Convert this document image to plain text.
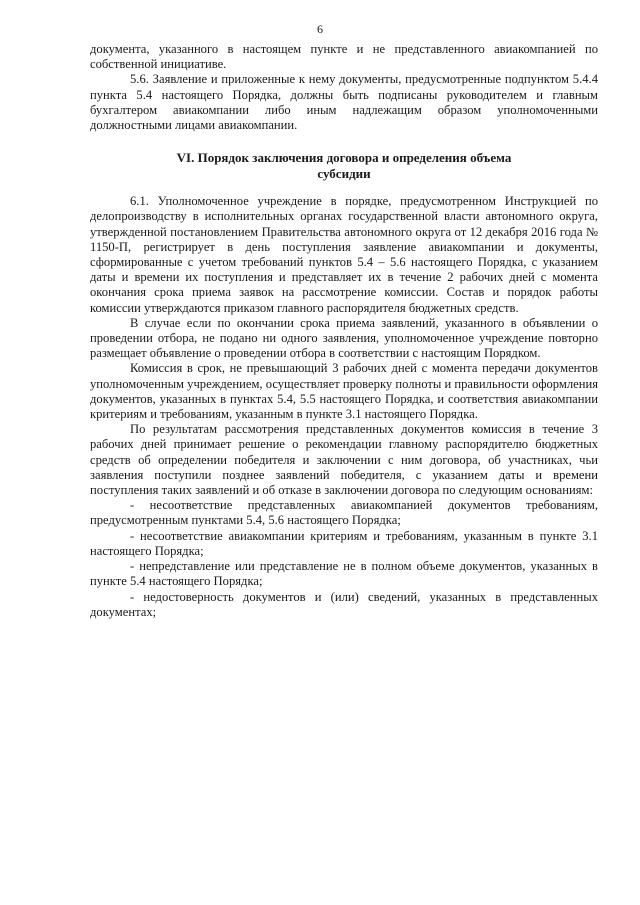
6

документа, указанного в настоящем пункте и не представленного авиакомпанией по собственной инициативе.

5.6. Заявление и приложенные к нему документы, предусмотренные подпунктом 5.4.4 пункта 5.4 настоящего Порядка, должны быть подписаны руководителем и главным бухгалтером авиакомпании либо иным надлежащим образом уполномоченными должностными лицами авиакомпании.

VI. Порядок заключения договора и определения объема
субсидии

6.1. Уполномоченное учреждение в порядке, предусмотренном Инструкцией по делопроизводству в исполнительных органах государственной власти автономного округа, утвержденной постановлением Правительства автономного округа от 12 декабря 2016 года № 1150-П, регистрирует в день поступления заявление авиакомпании и документы, сформированные с учетом требований пунктов 5.4 – 5.6 настоящего Порядка, с указанием даты и времени их поступления и представляет их в течение 2 рабочих дней с момента окончания срока приема заявок на рассмотрение комиссии. Состав и порядок работы комиссии утверждаются приказом главного распорядителя бюджетных средств.

В случае если по окончании срока приема заявлений, указанного в объявлении о проведении отбора, не подано ни одного заявления, уполномоченное учреждение повторно размещает объявление о проведении отбора в соответствии с настоящим Порядком.

Комиссия в срок, не превышающий 3 рабочих дней с момента передачи документов уполномоченным учреждением, осуществляет проверку полноты и правильности оформления документов, указанных в пунктах 5.4, 5.5 настоящего Порядка, и соответствия авиакомпании критериям и требованиям, указанным в пункте 3.1 настоящего Порядка.

По результатам рассмотрения представленных документов комиссия в течение 3 рабочих дней принимает решение о рекомендации главному распорядителю бюджетных средств об определении победителя и заключении с ним договора, об участниках, чьи заявления поступили позднее заявлений победителя, с указанием даты и времени поступления таких заявлений и об отказе в заключении договора по следующим основаниям:

- несоответствие представленных авиакомпанией документов требованиям, предусмотренным пунктами 5.4, 5.6 настоящего Порядка;

- несоответствие авиакомпании критериям и требованиям, указанным в пункте 3.1 настоящего Порядка;

- непредставление или представление не в полном объеме документов, указанных в пункте 5.4 настоящего Порядка;

- недостоверность документов и (или) сведений, указанных в представленных документах;
